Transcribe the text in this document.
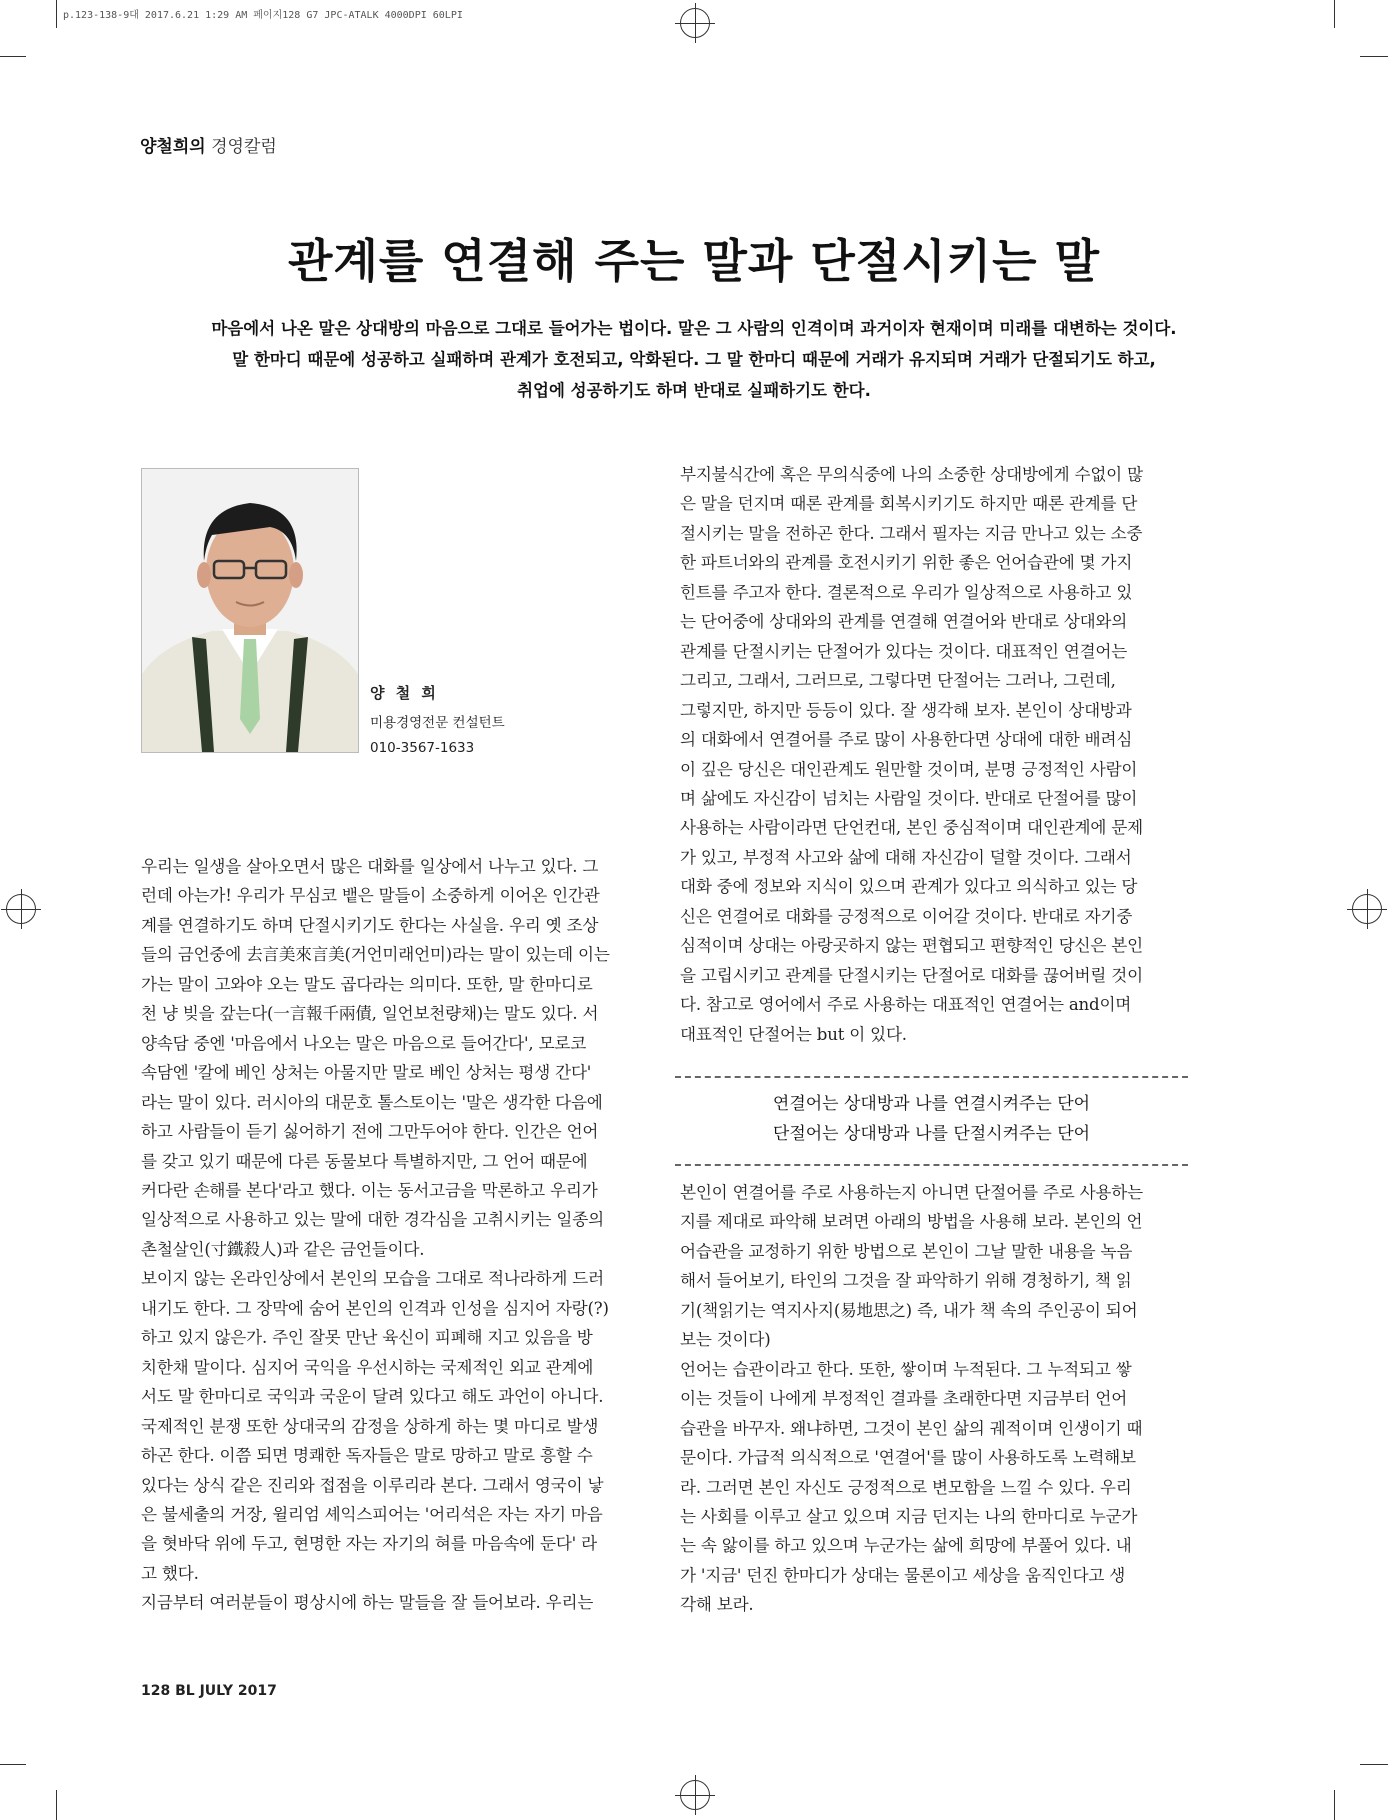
p.123-138-9대 2017.6.21 1:29 AM 페이지128 G7 JPC-ATALK 4000DPI 60LPI
양철희의 경영칼럼
관계를 연결해 주는 말과 단절시키는 말
마음에서 나온 말은 상대방의 마음으로 그대로 들어가는 법이다. 말은 그 사람의 인격이며 과거이자 현재이며 미래를 대변하는 것이다.
말 한마디 때문에 성공하고 실패하며 관계가 호전되고, 악화된다. 그 말 한마디 때문에 거래가 유지되며 거래가 단절되기도 하고,
취업에 성공하기도 하며 반대로 실패하기도 한다.
양 철 희
미용경영전문 컨설턴트
010-3567-1633
우리는 일생을 살아오면서 많은 대화를 일상에서 나누고 있다. 그
런데 아는가! 우리가 무심코 뱉은 말들이 소중하게 이어온 인간관
계를 연결하기도 하며 단절시키기도 한다는 사실을. 우리 옛 조상
들의 금언중에 去言美來言美(거언미래언미)라는 말이 있는데 이는
가는 말이 고와야 오는 말도 곱다라는 의미다. 또한, 말 한마디로
천 냥 빚을 갚는다(一言報千兩債, 일언보천량채)는 말도 있다. 서
양속담 중엔 '마음에서 나오는 말은 마음으로 들어간다', 모로코
속담엔 '칼에 베인 상처는 아물지만 말로 베인 상처는 평생 간다'
라는 말이 있다. 러시아의 대문호 톨스토이는 '말은 생각한 다음에
하고 사람들이 듣기 싫어하기 전에 그만두어야 한다. 인간은 언어
를 갖고 있기 때문에 다른 동물보다 특별하지만, 그 언어 때문에
커다란 손해를 본다'라고 했다. 이는 동서고금을 막론하고 우리가
일상적으로 사용하고 있는 말에 대한 경각심을 고취시키는 일종의
촌철살인(寸鐵殺人)과 같은 금언들이다.
보이지 않는 온라인상에서 본인의 모습을 그대로 적나라하게 드러
내기도 한다. 그 장막에 숨어 본인의 인격과 인성을 심지어 자랑(?)
하고 있지 않은가. 주인 잘못 만난 육신이 피폐해 지고 있음을 방
치한채 말이다. 심지어 국익을 우선시하는 국제적인 외교 관계에
서도 말 한마디로 국익과 국운이 달려 있다고 해도 과언이 아니다.
국제적인 분쟁 또한 상대국의 감정을 상하게 하는 몇 마디로 발생
하곤 한다. 이쯤 되면 명쾌한 독자들은 말로 망하고 말로 흥할 수
있다는 상식 같은 진리와 접점을 이루리라 본다. 그래서 영국이 낳
은 불세출의 거장, 윌리엄 셰익스피어는 '어리석은 자는 자기 마음
을 혓바닥 위에 두고, 현명한 자는 자기의 혀를 마음속에 둔다' 라
고 했다.
지금부터 여러분들이 평상시에 하는 말들을 잘 들어보라. 우리는
부지불식간에 혹은 무의식중에 나의 소중한 상대방에게 수없이 많
은 말을 던지며 때론 관계를 회복시키기도 하지만 때론 관계를 단
절시키는 말을 전하곤 한다. 그래서 필자는 지금 만나고 있는 소중
한 파트너와의 관계를 호전시키기 위한 좋은 언어습관에 몇 가지
힌트를 주고자 한다. 결론적으로 우리가 일상적으로 사용하고 있
는 단어중에 상대와의 관계를 연결해 연결어와 반대로 상대와의
관계를 단절시키는 단절어가 있다는 것이다. 대표적인 연결어는
그리고, 그래서, 그러므로, 그렇다면 단절어는 그러나, 그런데,
그렇지만, 하지만 등등이 있다. 잘 생각해 보자. 본인이 상대방과
의 대화에서 연결어를 주로 많이 사용한다면 상대에 대한 배려심
이 깊은 당신은 대인관계도 원만할 것이며, 분명 긍정적인 사람이
며 삶에도 자신감이 넘치는 사람일 것이다. 반대로 단절어를 많이
사용하는 사람이라면 단언컨대, 본인 중심적이며 대인관계에 문제
가 있고, 부정적 사고와 삶에 대해 자신감이 덜할 것이다. 그래서
대화 중에 정보와 지식이 있으며 관계가 있다고 의식하고 있는 당
신은 연결어로 대화를 긍정적으로 이어갈 것이다. 반대로 자기중
심적이며 상대는 아랑곳하지 않는 편협되고 편향적인 당신은 본인
을 고립시키고 관계를 단절시키는 단절어로 대화를 끊어버릴 것이
다. 참고로 영어에서 주로 사용하는 대표적인 연결어는 and이며
대표적인 단절어는 but 이 있다.
연결어는 상대방과 나를 연결시켜주는 단어
단절어는 상대방과 나를 단절시켜주는 단어
본인이 연결어를 주로 사용하는지 아니면 단절어를 주로 사용하는
지를 제대로 파악해 보려면 아래의 방법을 사용해 보라. 본인의 언
어습관을 교정하기 위한 방법으로 본인이 그날 말한 내용을 녹음
해서 들어보기, 타인의 그것을 잘 파악하기 위해 경청하기, 책 읽
기(책읽기는 역지사지(易地思之) 즉, 내가 책 속의 주인공이 되어
보는 것이다)
언어는 습관이라고 한다. 또한, 쌓이며 누적된다. 그 누적되고 쌓
이는 것들이 나에게 부정적인 결과를 초래한다면 지금부터 언어
습관을 바꾸자. 왜냐하면, 그것이 본인 삶의 궤적이며 인생이기 때
문이다. 가급적 의식적으로 '연결어'를 많이 사용하도록 노력해보
라. 그러면 본인 자신도 긍정적으로 변모함을 느낄 수 있다. 우리
는 사회를 이루고 살고 있으며 지금 던지는 나의 한마디로 누군가
는 속 앓이를 하고 있으며 누군가는 삶에 희망에 부풀어 있다. 내
가 '지금' 던진 한마디가 상대는 물론이고 세상을 움직인다고 생
각해 보라.
128 BL JULY 2017
